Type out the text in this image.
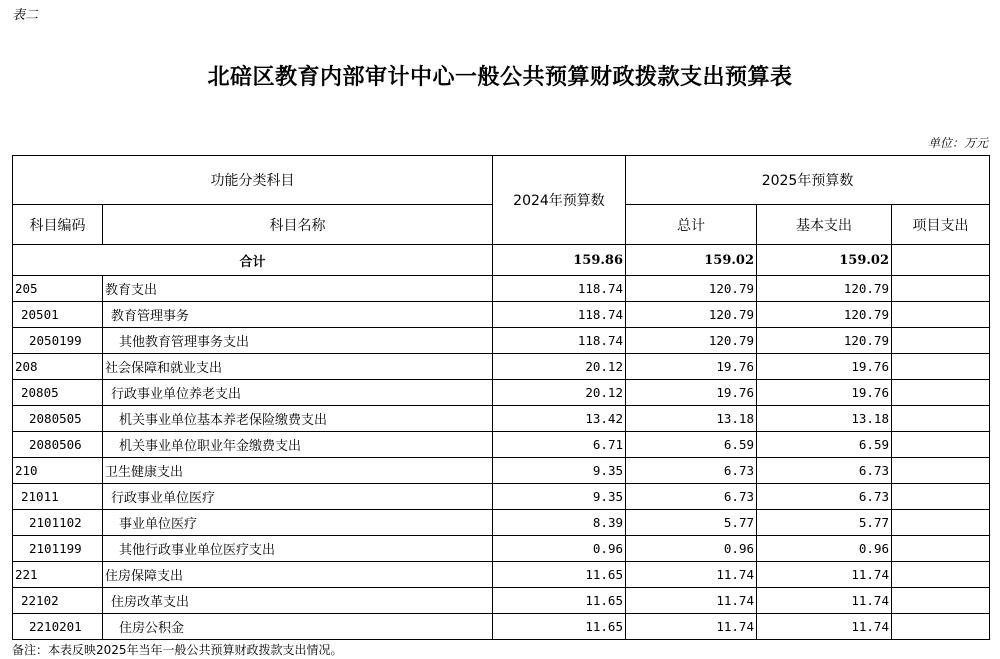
表二
北碚区教育内部审计中心一般公共预算财政拨款支出预算表
单位：万元
功能分类科目		2024年预算数	2025年预算数		
科目编码	科目名称		总计	基本支出	项目支出
合计		159.86	159.02	159.02	
205	教育支出	118.74	120.79	120.79	
20501	教育管理事务	118.74	120.79	120.79	
2050199	其他教育管理事务支出	118.74	120.79	120.79	
208	社会保障和就业支出	20.12	19.76	19.76	
20805	行政事业单位养老支出	20.12	19.76	19.76	
2080505	机关事业单位基本养老保险缴费支出	13.42	13.18	13.18	
2080506	机关事业单位职业年金缴费支出	6.71	6.59	6.59	
210	卫生健康支出	9.35	6.73	6.73	
21011	行政事业单位医疗	9.35	6.73	6.73	
2101102	事业单位医疗	8.39	5.77	5.77	
2101199	其他行政事业单位医疗支出	0.96	0.96	0.96	
221	住房保障支出	11.65	11.74	11.74	
22102	住房改革支出	11.65	11.74	11.74	
2210201	住房公积金	11.65	11.74	11.74	
备注：本表反映2025年当年一般公共预算财政拨款支出情况。
